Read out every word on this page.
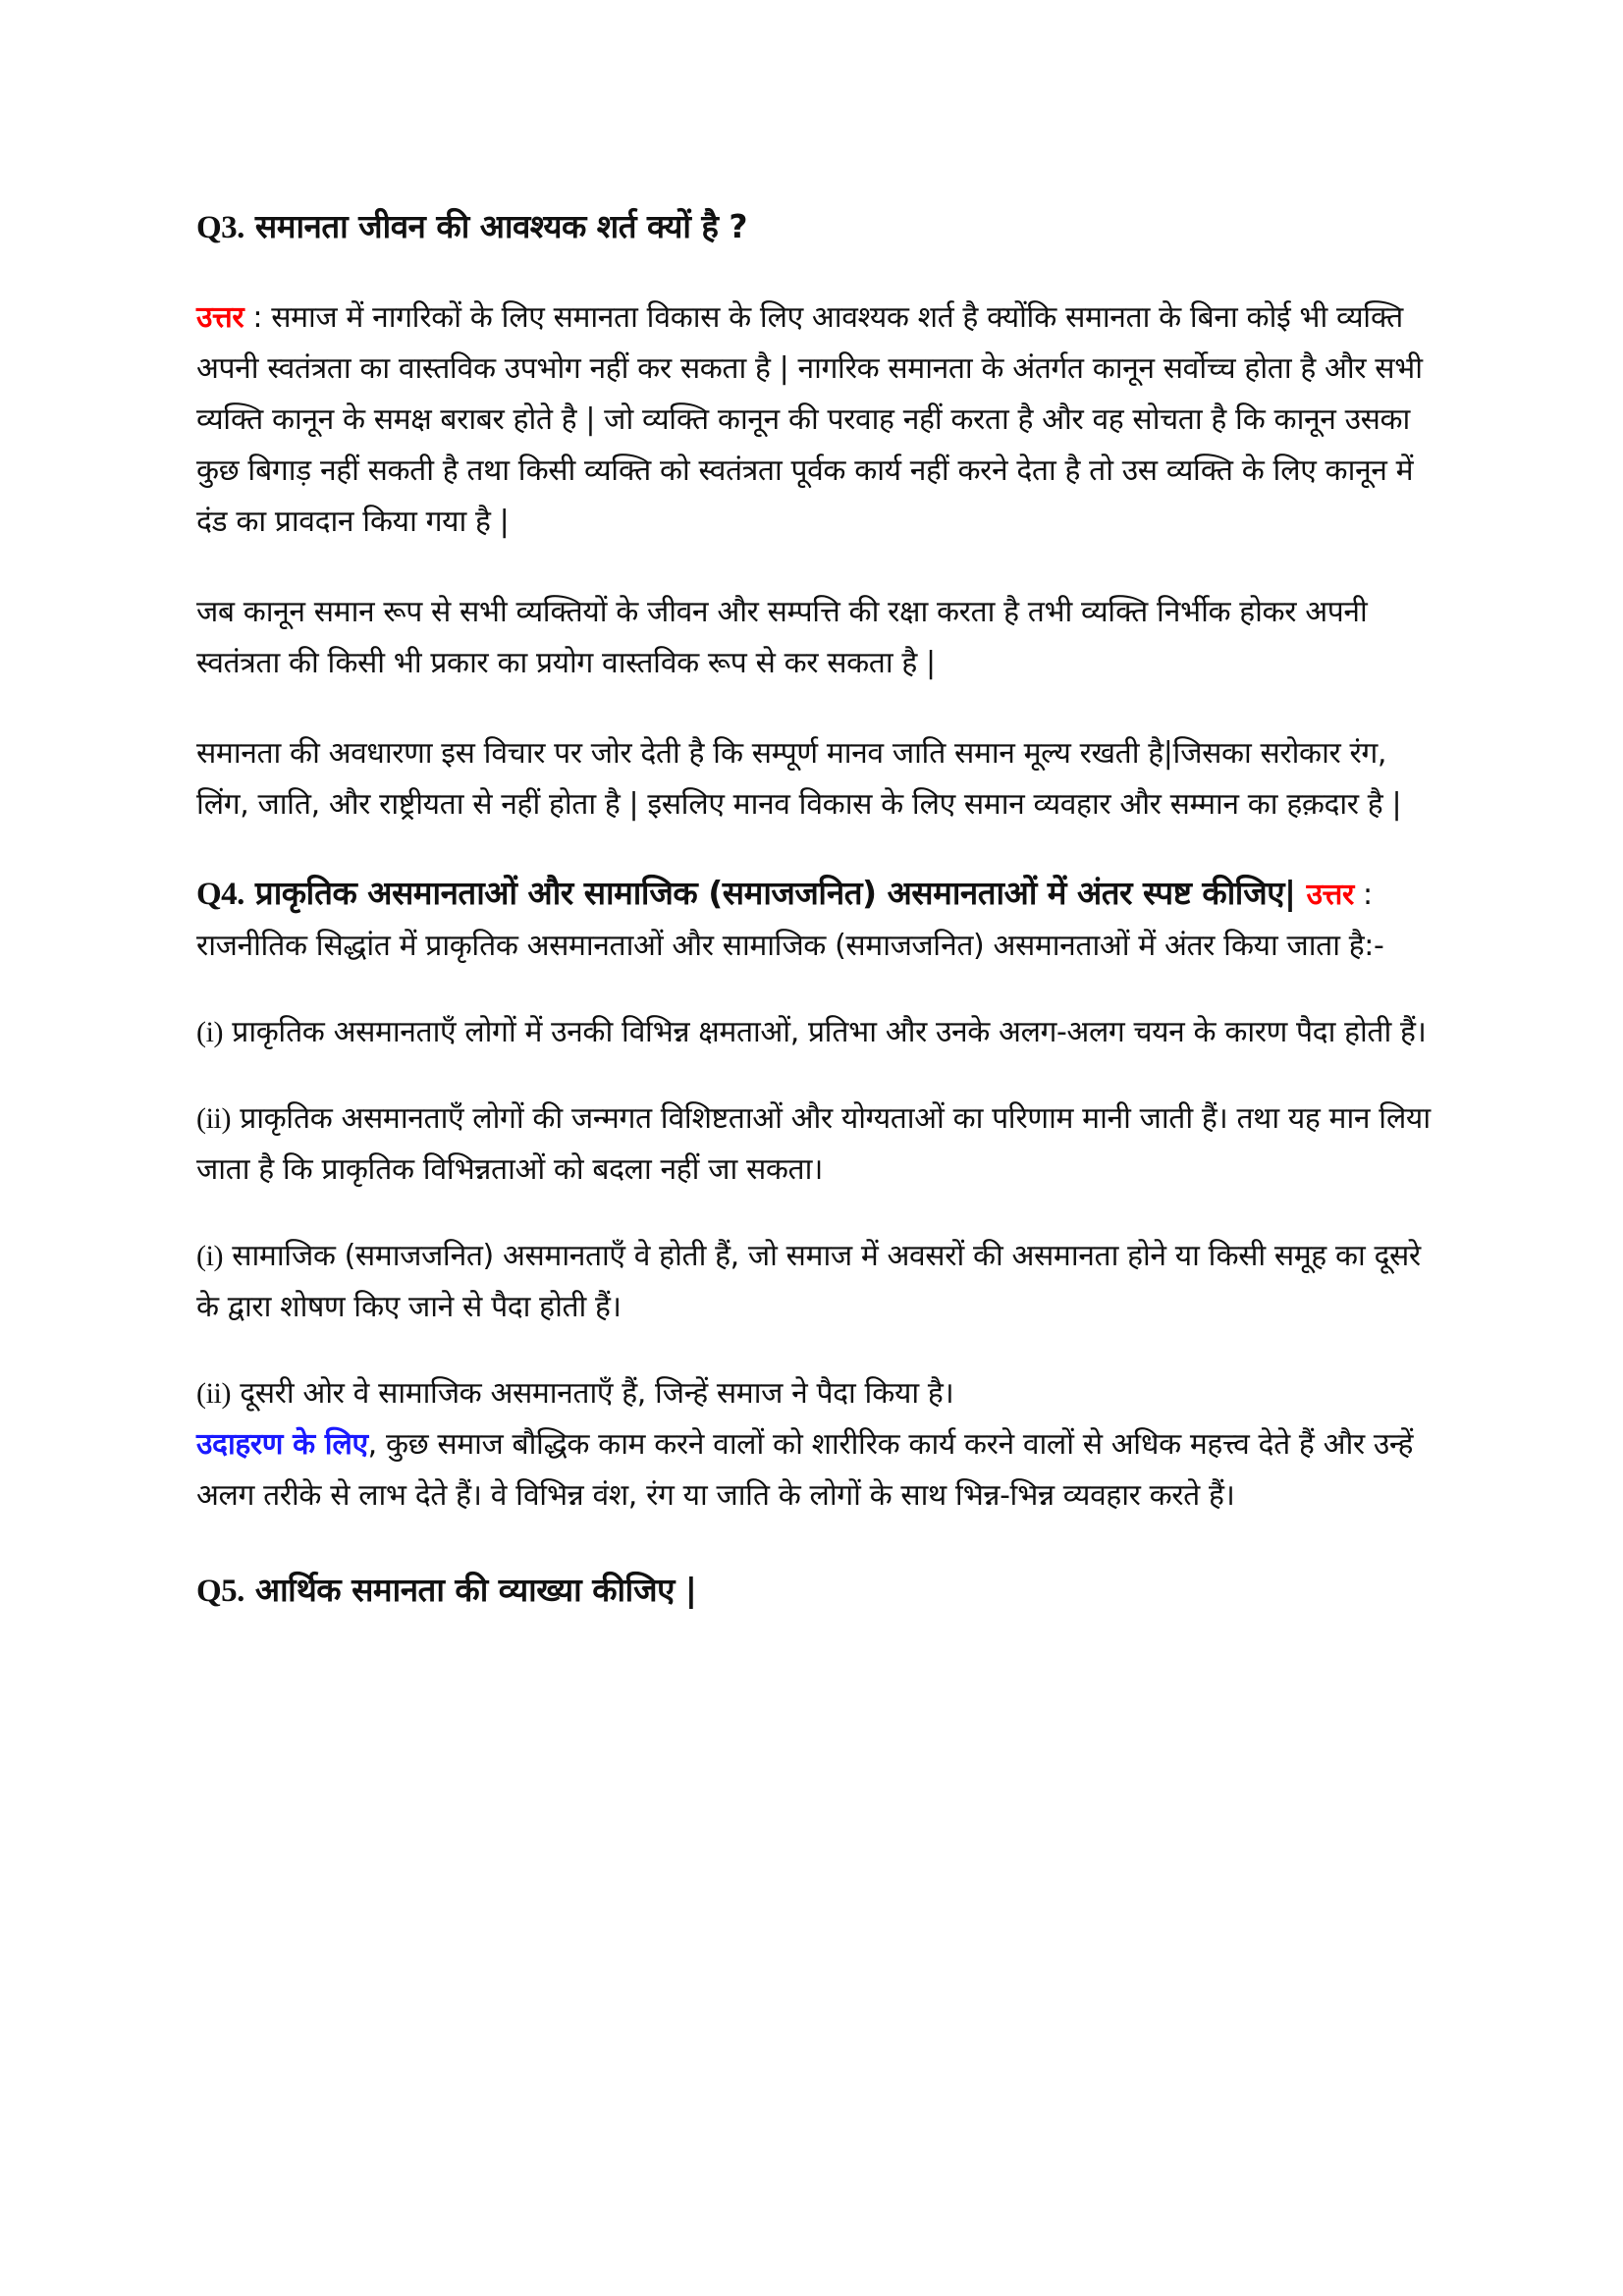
Q3. समानता जीवन की आवश्यक शर्त क्यों है ?

उत्तर : समाज में नागरिकों के लिए समानता विकास के लिए आवश्यक शर्त है क्योंकि समानता के बिना कोई भी व्यक्ति अपनी स्वतंत्रता का वास्तविक उपभोग नहीं कर सकता है | नागरिक समानता के अंतर्गत कानून सर्वोच्च होता है और सभी व्यक्ति कानून के समक्ष बराबर होते है | जो व्यक्ति कानून की परवाह नहीं करता है और वह सोचता है कि कानून उसका कुछ बिगाड़ नहीं सकती है तथा किसी व्यक्ति को स्वतंत्रता पूर्वक कार्य नहीं करने देता है तो उस व्यक्ति के लिए कानून में दंड का प्रावदान किया गया है |

जब कानून समान रूप से सभी व्यक्तियों के जीवन और सम्पत्ति की रक्षा करता है तभी व्यक्ति निर्भीक होकर अपनी स्वतंत्रता की किसी भी प्रकार का प्रयोग वास्तविक रूप से कर सकता है |

समानता की अवधारणा इस विचार पर जोर देती है कि सम्पूर्ण मानव जाति समान मूल्य रखती है|जिसका सरोकार रंग, लिंग, जाति, और राष्ट्रीयता से नहीं होता है | इसलिए मानव विकास के लिए समान व्यवहार और सम्मान का हक़दार है |

Q4. प्राकृतिक असमानताओं और सामाजिक (समाजजनित) असमानताओं में अंतर स्पष्ट कीजिए| उत्तर : राजनीतिक सिद्धांत में प्राकृतिक असमानताओं और सामाजिक (समाजजनित) असमानताओं में अंतर किया जाता है:-

(i) प्राकृतिक असमानताएँ लोगों में उनकी विभिन्न क्षमताओं, प्रतिभा और उनके अलग-अलग चयन के कारण पैदा होती हैं।

(ii) प्राकृतिक असमानताएँ लोगों की जन्मगत विशिष्टताओं और योग्यताओं का परिणाम मानी जाती हैं। तथा यह मान लिया जाता है कि प्राकृतिक विभिन्नताओं को बदला नहीं जा सकता।

(i) सामाजिक (समाजजनित) असमानताएँ वे होती हैं, जो समाज में अवसरों की असमानता होने या किसी समूह का दूसरे के द्वारा शोषण किए जाने से पैदा होती हैं।

(ii) दूसरी ओर वे सामाजिक असमानताएँ हैं, जिन्हें समाज ने पैदा किया है।
उदाहरण के लिए, कुछ समाज बौद्धिक काम करने वालों को शारीरिक कार्य करने वालों से अधिक महत्त्व देते हैं और उन्हें अलग तरीके से लाभ देते हैं। वे विभिन्न वंश, रंग या जाति के लोगों के साथ भिन्न-भिन्न व्यवहार करते हैं।

Q5. आर्थिक समानता की व्याख्या कीजिए |
